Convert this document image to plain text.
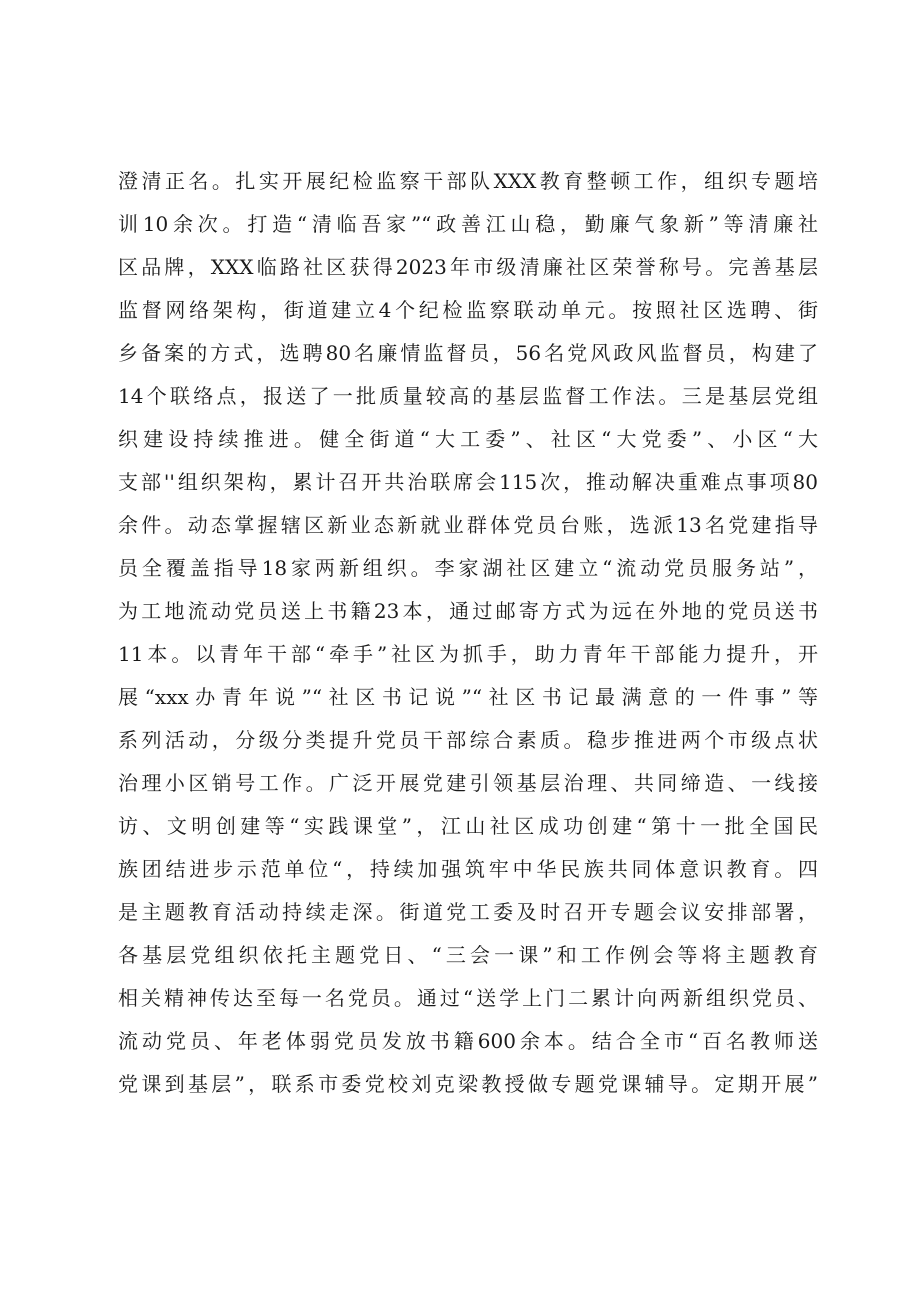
澄清正名。扎实开展纪检监察干部队XXX教育整顿工作，组织专题培
训10余次。打造“清临吾家”“政善江山稳，勤廉气象新”等清廉社
区品牌，XXX临路社区获得2023年市级清廉社区荣誉称号。完善基层
监督网络架构，街道建立4个纪检监察联动单元。按照社区选聘、街
乡备案的方式，选聘80名廉情监督员，56名党风政风监督员，构建了
14个联络点，报送了一批质量较高的基层监督工作法。三是基层党组
织建设持续推进。健全街道“大工委”、社区“大党委”、小区“大
支部''组织架构，累计召开共治联席会115次，推动解决重难点事项80
余件。动态掌握辖区新业态新就业群体党员台账，选派13名党建指导
员全覆盖指导18家两新组织。李家湖社区建立“流动党员服务站”，
为工地流动党员送上书籍23本，通过邮寄方式为远在外地的党员送书
11本。以青年干部“牵手”社区为抓手，助力青年干部能力提升，开
展“xxx办青年说”“社区书记说”“社区书记最满意的一件事”等
系列活动，分级分类提升党员干部综合素质。稳步推进两个市级点状
治理小区销号工作。广泛开展党建引领基层治理、共同缔造、一线接
访、文明创建等“实践课堂”，江山社区成功创建“第十一批全国民
族团结进步示范单位“，持续加强筑牢中华民族共同体意识教育。四
是主题教育活动持续走深。街道党工委及时召开专题会议安排部署，
各基层党组织依托主题党日、“三会一课”和工作例会等将主题教育
相关精神传达至每一名党员。通过“送学上门二累计向两新组织党员、
流动党员、年老体弱党员发放书籍600余本。结合全市“百名教师送
党课到基层”，联系市委党校刘克梁教授做专题党课辅导。定期开展”
